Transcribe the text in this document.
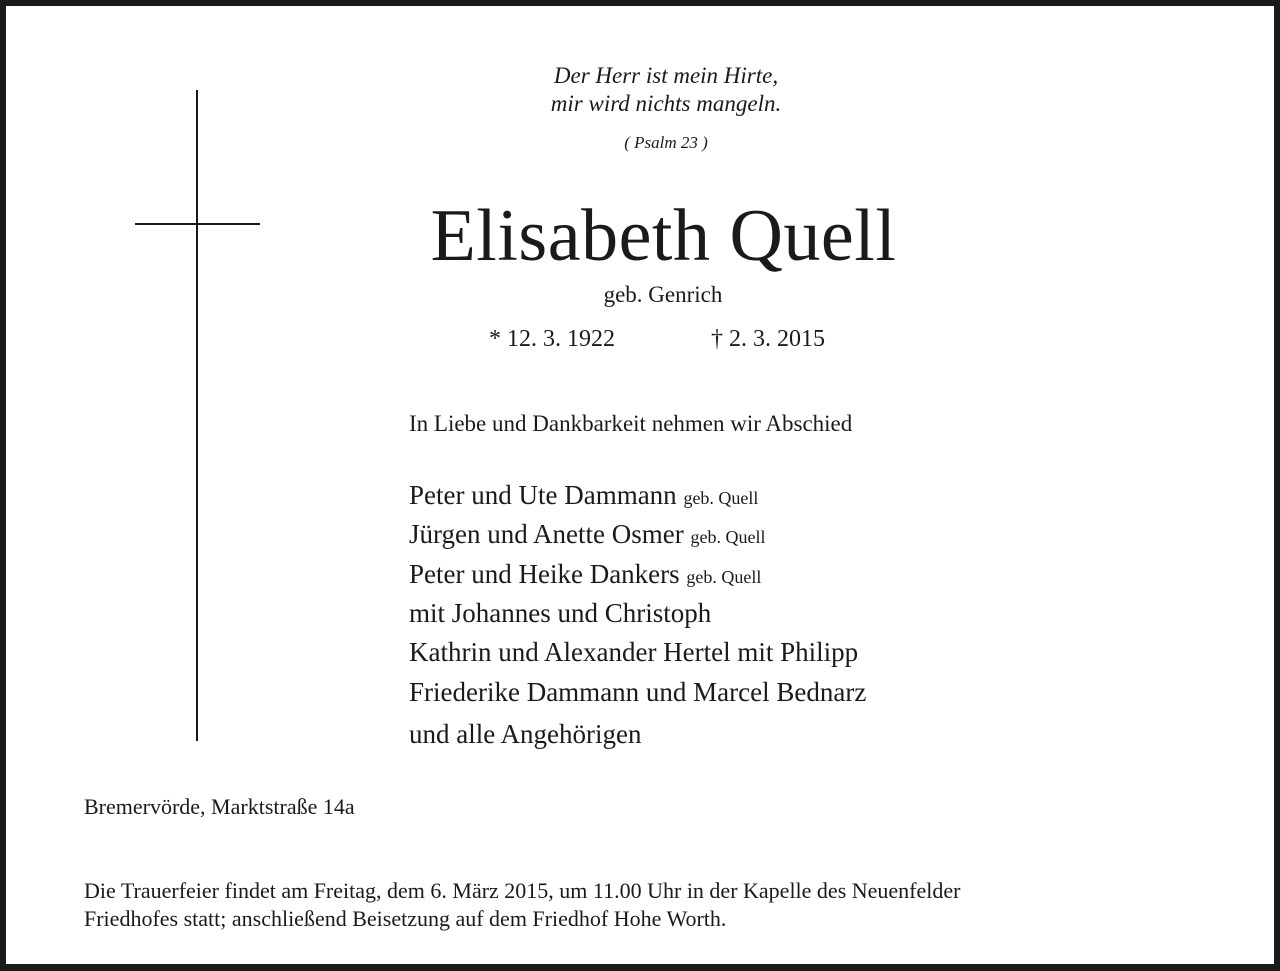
Der Herr ist mein Hirte,
mir wird nichts mangeln.
( Psalm 23 )
Elisabeth Quell
geb. Genrich
* 12. 3. 1922	† 2. 3. 2015
In Liebe und Dankbarkeit nehmen wir Abschied
Peter und Ute Dammann geb. Quell
Jürgen und Anette Osmer geb. Quell
Peter und Heike Dankers geb. Quell
mit Johannes und Christoph
Kathrin und Alexander Hertel mit Philipp
Friederike Dammann und Marcel Bednarz
und alle Angehörigen
Bremervörde, Marktstraße 14a
Die Trauerfeier findet am Freitag, dem 6. März 2015, um 11.00 Uhr in der Kapelle des Neuenfelder
Friedhofes statt; anschließend Beisetzung auf dem Friedhof Hohe Worth.
